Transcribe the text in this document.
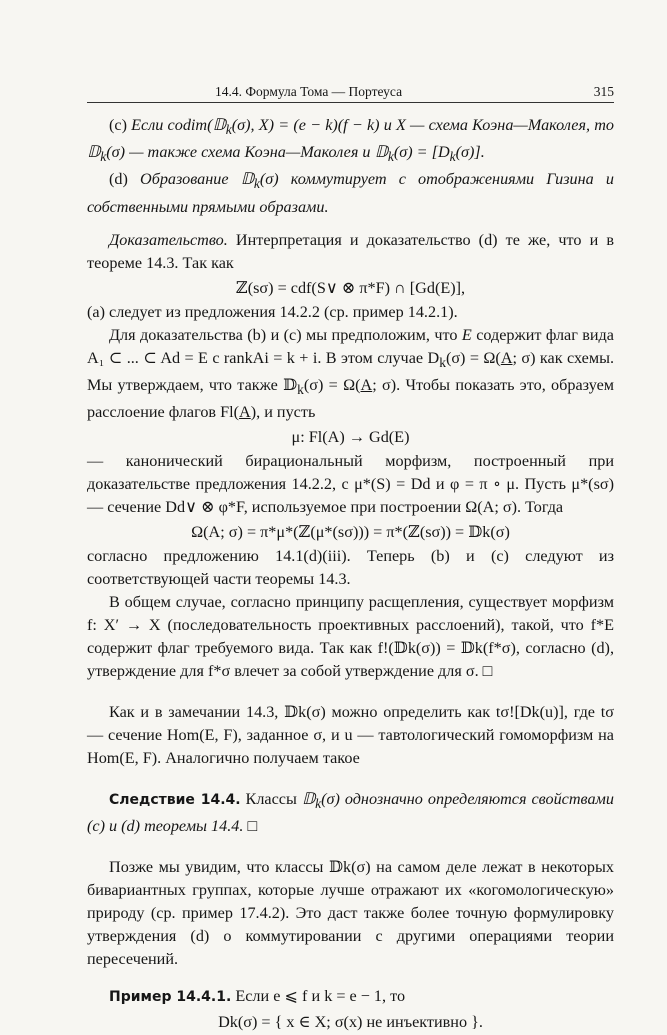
14.4. Формула Тома — Портеуса	315

(c) Если codim(𝔻$_k$(σ), X) = (e − k)(f − k) и X — схема Коэна—Маколея, то 𝔻$_k$(σ) — также схема Коэна—Маколея и 𝔻$_k$(σ) = $[D_k(\sigma)]$.

(d) Образование 𝔻$_k$(σ) коммутирует с отображениями Гизина и собственными прямыми образами.

Доказательство. Интерпретация и доказательство (d) те же, что и в теореме 14.3. Так как

ℤ(sσ) = cdf(S∨ ⊗ π*F) ∩ [Gd(E)],

(a) следует из предложения 14.2.2 (ср. пример 14.2.1).

Для доказательства (b) и (c) мы предположим, что E содержит флаг вида A₁ ⊂ ... ⊂ Ad = E с rankAi = k + i. В этом случае $D_k(\sigma) = \Omega(A$; σ) как схемы. Мы утверждаем, что также 𝔻$_k$(σ) = Ω(A; σ). Чтобы показать это, образуем расслоение флагов Fl(A), и пусть

μ: Fl(A) → Gd(E)

— канонический бирациональный морфизм, построенный при доказательстве предложения 14.2.2, с μ*(S) = Dd и φ = π ∘ μ. Пусть μ*(sσ) — сечение Dd∨ ⊗ φ*F, используемое при построении Ω(A; σ). Тогда

Ω(A; σ) = π*μ*(ℤ(μ*(sσ))) = π*(ℤ(sσ)) = 𝔻k(σ)

согласно предложению 14.1(d)(iii). Теперь (b) и (c) следуют из соответствующей части теоремы 14.3.

В общем случае, согласно принципу расщепления, существует морфизм f: X′ → X (последовательность проективных расслоений), такой, что f*E содержит флаг требуемого вида. Так как f!(𝔻k(σ)) = 𝔻k(f*σ), согласно (d), утверждение для f*σ влечет за собой утверждение для σ. □

Как и в замечании 14.3, 𝔻k(σ) можно определить как tσ![Dk(u)], где tσ — сечение Hom(E, F), заданное σ, и u — тавтологический гомоморфизм на Hom(E, F). Аналогично получаем такое

Следствие 14.4. Классы 𝔻$_k$(σ) однозначно определяются свойствами (c) и (d) теоремы 14.4. □

Позже мы увидим, что классы 𝔻k(σ) на самом деле лежат в некоторых бивариантных группах, которые лучше отражают их «когомологическую» природу (ср. пример 17.4.2). Это даст также более точную формулировку утверждения (d) о коммутировании с другими операциями теории пересечений.

Пример 14.4.1. Если e ⩽ f и k = e − 1, то

Dk(σ) = { x ∈ X; σ(x) не инъективно }.
